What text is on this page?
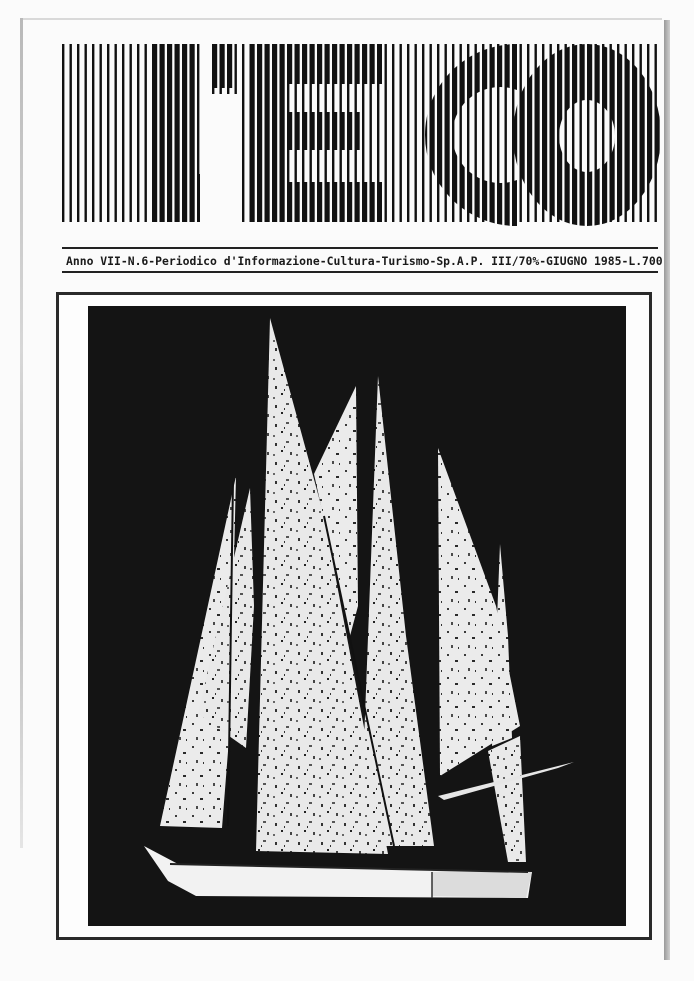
Anno VII-N.6 -Periodico d'Informazione-Cultura-Turismo-Sp.A.P. III/70%- GIUGNO 1985 -L.700
